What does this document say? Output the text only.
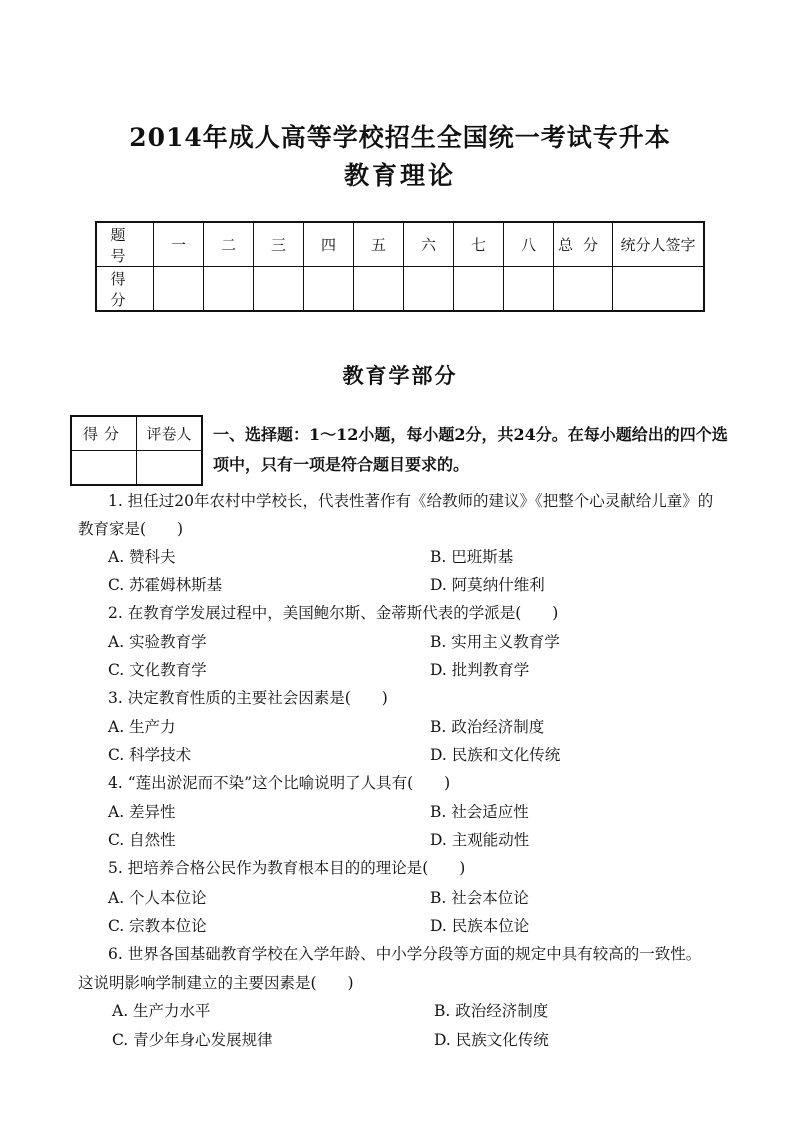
2014年成人高等学校招生全国统一考试专升本
教育理论
题号	一	二	三	四	五	六	七	八	总分	统分人签字
得分										
教育学部分
得分	评卷人
	一、选择题：1～12小题，每小题2分，共24分。在每小题给出的四个选
项中，只有一项是符合题目要求的。
1. 担任过20年农村中学校长，代表性著作有《给教师的建议》《把整个心灵献给儿童》的
教育家是(　　)
A. 赞科夫	B. 巴班斯基
C. 苏霍姆林斯基	D. 阿莫纳什维利
2. 在教育学发展过程中，美国鲍尔斯、金蒂斯代表的学派是(　　)
A. 实验教育学	B. 实用主义教育学
C. 文化教育学	D. 批判教育学
3. 决定教育性质的主要社会因素是(　　)
A. 生产力	B. 政治经济制度
C. 科学技术	D. 民族和文化传统
4. “莲出淤泥而不染”这个比喻说明了人具有(　　)
A. 差异性	B. 社会适应性
C. 自然性	D. 主观能动性
5. 把培养合格公民作为教育根本目的的理论是(　　)
A. 个人本位论	B. 社会本位论
C. 宗教本位论	D. 民族本位论
6. 世界各国基础教育学校在入学年龄、中小学分段等方面的规定中具有较高的一致性。
这说明影响学制建立的主要因素是(　　)
A. 生产力水平	B. 政治经济制度
C. 青少年身心发展规律	D. 民族文化传统
